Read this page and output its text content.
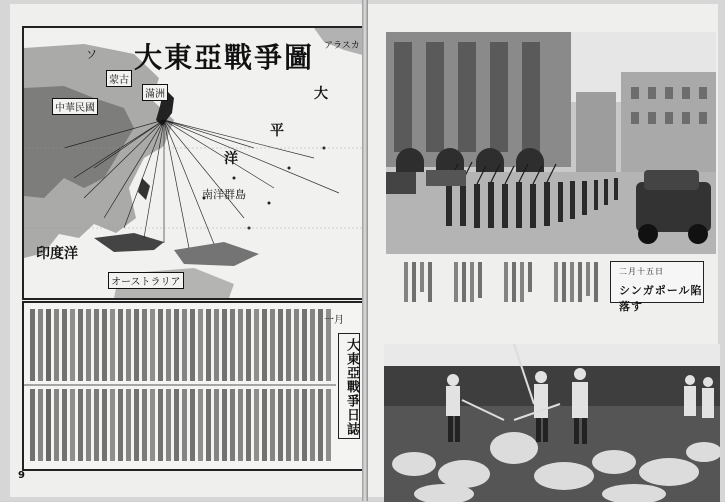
大東亞戰爭圖
大
平
洋
中華民國
蒙古
ソ
滿洲
印度洋
オーストラリア
南洋群島
アラスカ
一月
大東亞戰爭日誌
9
二月十五日
シンガポール陷落す
